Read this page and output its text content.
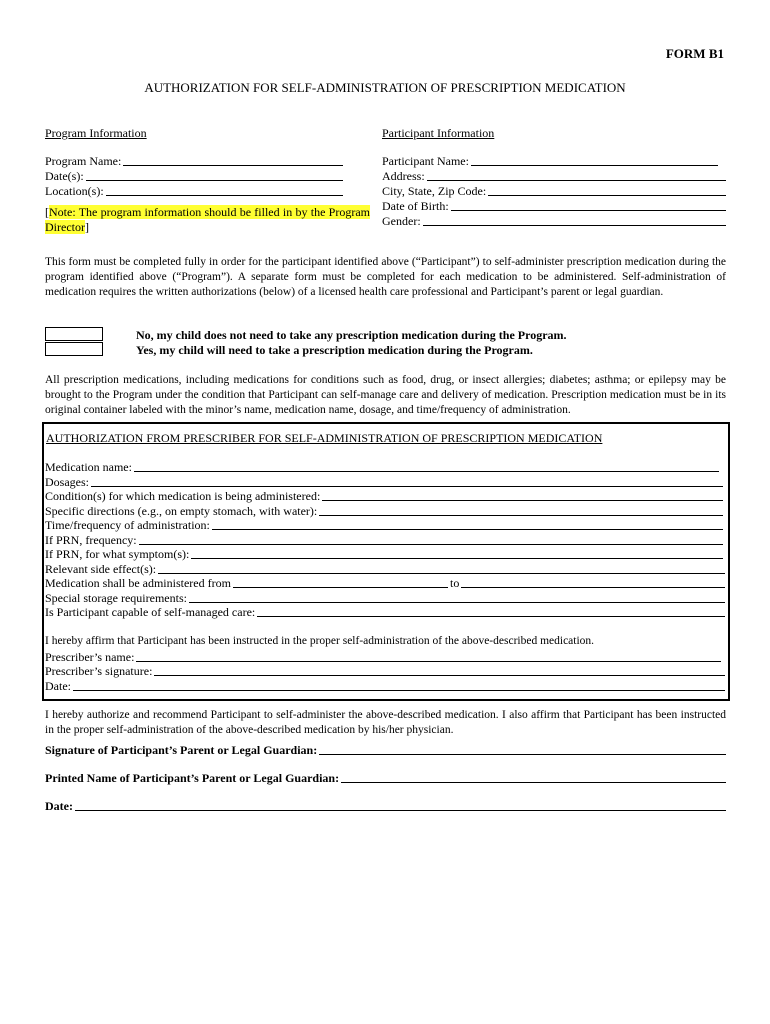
FORM B1
AUTHORIZATION FOR SELF-ADMINISTRATION OF PRESCRIPTION MEDICATION
Program Information
Program Name:
Date(s):
Location(s):
[Note: The program information should be filled in by the Program Director]
Participant Information
Participant Name:
Address:
City, State, Zip Code:
Date of Birth:
Gender:
This form must be completed fully in order for the participant identified above (“Participant”) to self-administer prescription medication during the program identified above (“Program”). A separate form must be completed for each medication to be administered. Self-administration of medication requires the written authorizations (below) of a licensed health care professional and Participant’s parent or legal guardian.
No, my child does not need to take any prescription medication during the Program.
Yes, my child will need to take a prescription medication during the Program.
All prescription medications, including medications for conditions such as food, drug, or insect allergies; diabetes; asthma; or epilepsy may be brought to the Program under the condition that Participant can self-manage care and delivery of medication. Prescription medication must be in its original container labeled with the minor’s name, medication name, dosage, and time/frequency of administration.
AUTHORIZATION FROM PRESCRIBER FOR SELF-ADMINISTRATION OF PRESCRIPTION MEDICATION
Medication name:
Dosages:
Condition(s) for which medication is being administered:
Specific directions (e.g., on empty stomach, with water):
Time/frequency of administration:
If PRN, frequency:
If PRN, for what symptom(s):
Relevant side effect(s):
Medication shall be administered from	to
Special storage requirements:
Is Participant capable of self-managed care:
I hereby affirm that Participant has been instructed in the proper self-administration of the above-described medication.
Prescriber’s name:
Prescriber’s signature:
Date:
I hereby authorize and recommend Participant to self-administer the above-described medication. I also affirm that Participant has been instructed in the proper self-administration of the above-described medication by his/her physician.
Signature of Participant’s Parent or Legal Guardian:
Printed Name of Participant’s Parent or Legal Guardian:
Date:
